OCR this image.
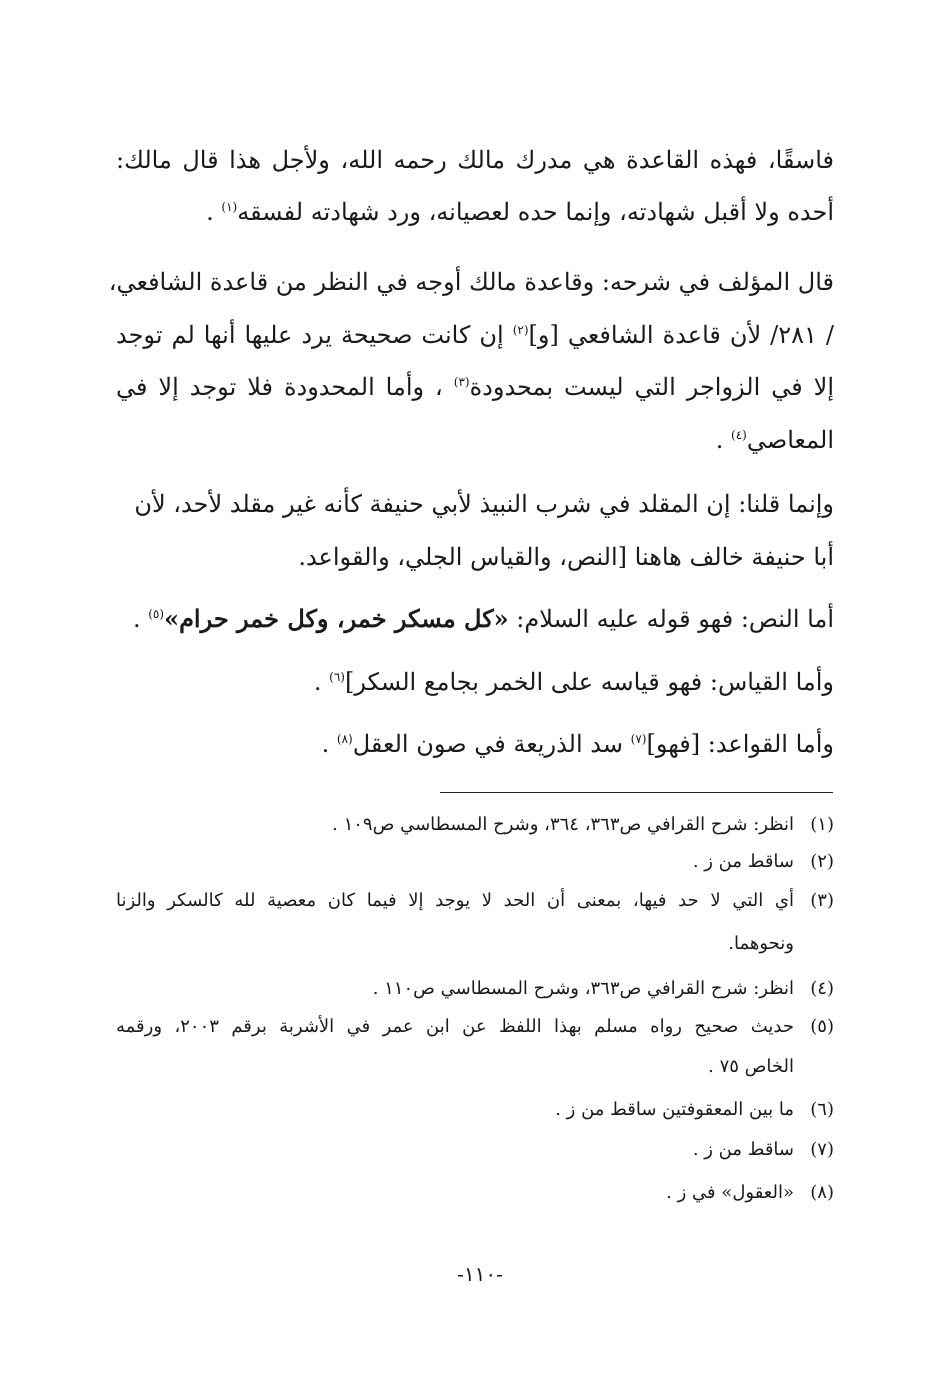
فاسقًا، فهذه القاعدة هي مدرك مالك رحمه الله، ولأجل هذا قال مالك:
أحده ولا أقبل شهادته، وإنما حده لعصيانه، ورد شهادته لفسقه$^{(١)}$ .
قال المؤلف في شرحه: وقاعدة مالك أوجه في النظر من قاعدة الشافعي،
/ ٢٨١/ لأن قاعدة الشافعي [و]$^{(٢)}$ إن كانت صحيحة يرد عليها أنها لم توجد
إلا في الزواجر التي ليست بمحدودة$^{(٣)}$ ، وأما المحدودة فلا توجد إلا في
المعاصي$^{(٤)}$ .
وإنما قلنا: إن المقلد في شرب النبيذ لأبي حنيفة كأنه غير مقلد لأحد، لأن
أبا حنيفة خالف هاهنا [النص، والقياس الجلي، والقواعد.
أما النص: فهو قوله عليه السلام: «كل مسكر خمر، وكل خمر حرام»$^{(٥)}$ .
وأما القياس: فهو قياسه على الخمر بجامع السكر]$^{(٦)}$ .
وأما القواعد: [فهو]$^{(٧)}$ سد الذريعة في صون العقل$^{(٨)}$ .
(١)انظر: شرح القرافي ص٣٦٣، ٣٦٤، وشرح المسطاسي ص١٠٩ .
(٢)ساقط من ز .
(٣)أي التي لا حد فيها، بمعنى أن الحد لا يوجد إلا فيما كان معصية لله كالسكر والزنا
ونحوهما.
(٤)انظر: شرح القرافي ص٣٦٣، وشرح المسطاسي ص١١٠ .
(٥)حديث صحيح رواه مسلم بهذا اللفظ عن ابن عمر في الأشربة برقم ٢٠٠٣، ورقمه
الخاص ٧٥ .
(٦)ما بين المعقوفتين ساقط من ز .
(٧)ساقط من ز .
(٨)«العقول» في ز .
-١١٠-
